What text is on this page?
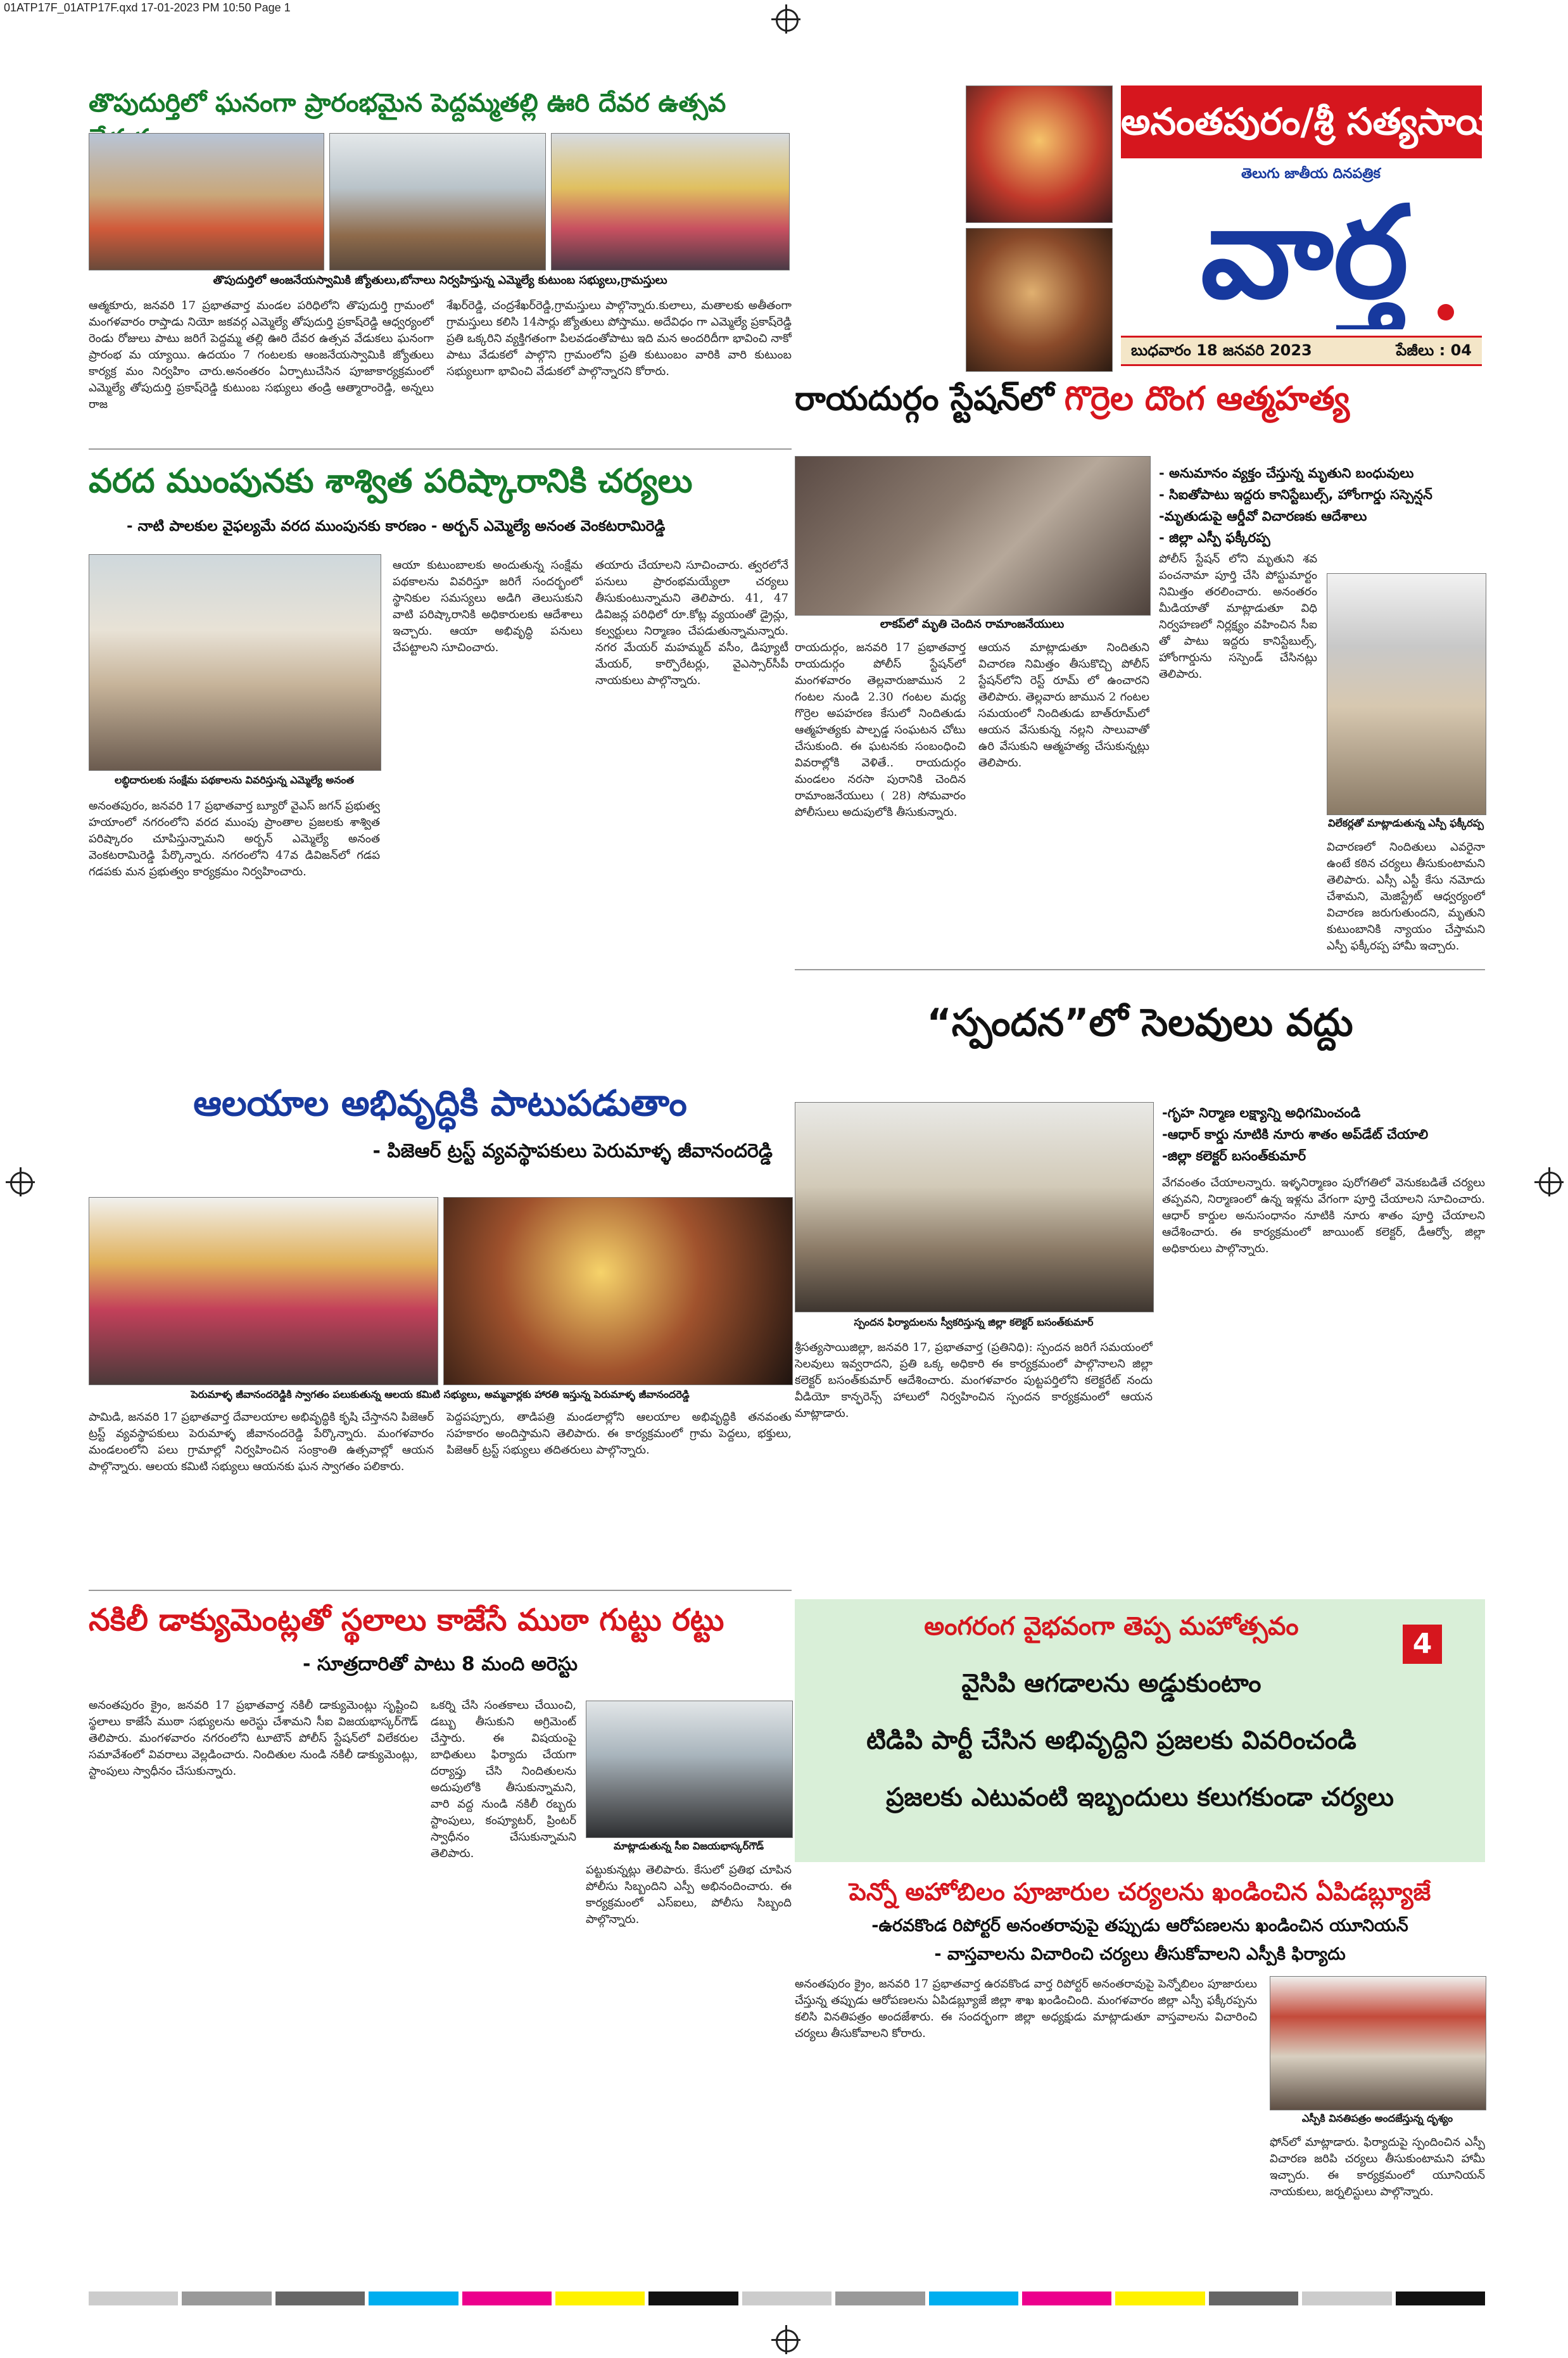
01ATP17F_01ATP17F.qxd 17-01-2023 PM 10:50 Page 1
తొపుదుర్తిలో ఘనంగా ప్రారంభమైన పెద్దమ్మతల్లి ఊరి దేవర ఉత్సవ
తొపుదుర్తిలో ఆంజనేయస్వామికి జ్యోతులు,బోనాలు నిర్వహిస్తున్న ఎమ్మెల్యే కుటుంబ సభ్యులు,గ్రామస్తులు
ఆత్మకూరు, జనవరి 17 ప్రభాతవార్త మండల పరిధిలోని తొపుదుర్తి గ్రామంలో మంగళవారం రాప్తాడు నియో జకవర్గ ఎమ్మెల్యే తోపుదుర్తి ప్రకాష్‌రెడ్డి ఆధ్వర్యంలో రెండు రోజులు పాటు జరిగే పెద్దమ్మ తల్లి ఊరి దేవర ఉత్సవ వేడుకలు ఘనంగా ప్రారంభ మ య్యాయి. ఉదయం 7 గంటలకు ఆంజనేయస్వామికి జ్యోతులు కార్యక్ర మం నిర్వహిం చారు.అనంతరం ఏర్పాటుచేసిన పూజాకార్యక్రమంలో ఎమ్మెల్యే తోపుదుర్తి ప్రకాష్‌రెడ్డి కుటుంబ సభ్యులు తండ్రి ఆత్మారాంరెడ్డి, అన్నలు రాజ
శేఖర్‌రెడ్డి, చంద్రశేఖర్‌రెడ్డి,గ్రామస్తులు పాల్గొన్నారు.కులాలు, మతాలకు అతీతంగా గ్రామస్తులు కలిసి 14సార్లు జ్యోతులు పోస్తాము. అదేవిధం గా ఎమ్మెల్యే ప్రకాష్‌రెడ్డి ప్రతి ఒక్కరిని వ్యక్తిగతంగా పిలవడంతోపాటు ఇది మన అందరిదీగా భావించి నాకో పాటు వేడుకలో పాల్గొని గ్రామంలోని ప్రతి కుటుంబం వారికి వారి కుటుంబ సభ్యులుగా భావించి వేడుకలో పాల్గొన్నారని కోరారు.
అనంతపురం/శ్రీ సత్యసాయి
తెలుగు జాతీయ దినపత్రిక
వార్త
బుధవారం 18 జనవరి 2023	పేజీలు : 04
రాయదుర్గం స్టేషన్‌లో గొర్రెల దొంగ ఆత్మహత్య
లాకప్‌లో మృతి చెందిన రామాంజనేయులు
- అనుమానం వ్యక్తం చేస్తున్న మృతుని బంధువులు
- సిఐతోపాటు ఇద్దరు కానిస్టేబుల్స్, హోంగార్డు సస్పెన్షన్
-మృతుడుపై ఆర్డీవో విచారణకు ఆదేశాలు
- జిల్లా ఎస్పీ ఫక్కీరప్ప
రాయదుర్గం, జనవరి 17 ప్రభాతవార్త రాయదుర్గం పోలీస్ స్టేషన్‌లో మంగళవారం తెల్లవారుజామున 2 గంటల నుండి 2.30 గంటల మధ్య గొర్రెల అపహరణ కేసులో నిందితుడు ఆత్మహత్యకు పాల్పడ్డ సంఘటన చోటు చేసుకుంది. ఈ ఘటనకు సంబంధించి వివరాల్లోకి వెళితే.. రాయదుర్గం మండలం నరసా పురానికి చెందిన రామాంజనేయులు ( 28) సోమవారం పోలీసులు అదుపులోకి తీసుకున్నారు.
ఆయన మాట్లాడుతూ నిందితుని విచారణ నిమిత్తం తీసుకొచ్చి పోలీస్ స్టేషన్‌లోని రెస్ట్ రూమ్ లో ఉంచారని తెలిపారు. తెల్లవారు జామున 2 గంటల సమయంలో నిందితుడు బాత్‌రూమ్‌లో ఆయన వేసుకున్న నల్లని సాలువాతో ఉరి వేసుకుని ఆత్మహత్య చేసుకున్నట్లు తెలిపారు.
పోలీస్ స్టేషన్ లోని మృతుని శవ పంచనామా పూర్తి చేసి పోస్టుమార్టం నిమిత్తం తరలించారు. అనంతరం మీడియాతో మాట్లాడుతూ విధి నిర్వహణలో నిర్లక్ష్యం వహించిన సీఐ తో పాటు ఇద్దరు కానిస్టేబుల్స్, హోంగార్డును సస్పెండ్ చేసినట్లు తెలిపారు.
విలేకర్లతో మాట్లాడుతున్న ఎస్పీ ఫక్కీరప్ప
విచారణలో నిందితులు ఎవరైనా ఉంటే కఠిన చర్యలు తీసుకుంటామని తెలిపారు. ఎస్సీ ఎస్టీ కేసు నమోదు చేశామని, మెజిస్ట్రేట్ ఆధ్వర్యంలో విచారణ జరుగుతుందని, మృతుని కుటుంబానికి న్యాయం చేస్తామని ఎస్పీ ఫక్కీరప్ప హామీ ఇచ్చారు.
వరద ముంపునకు శాశ్విత పరిష్కారానికి చర్యలు
- నాటి పాలకుల వైఫల్యమే వరద ముంపునకు కారణం - అర్బన్ ఎమ్మెల్యే అనంత వెంకటరామిరెడ్డి
లబ్ధిదారులకు సంక్షేమ పథకాలను వివరిస్తున్న ఎమ్మెల్యే అనంత
అనంతపురం, జనవరి 17 ప్రభాతవార్త బ్యూరో వైఎస్ జగన్ ప్రభుత్వ హయాంలో నగరంలోని వరద ముంపు ప్రాంతాల ప్రజలకు శాశ్విత పరిష్కారం చూపిస్తున్నామని అర్బన్ ఎమ్మెల్యే అనంత వెంకటరామిరెడ్డి పేర్కొన్నారు. నగరంలోని 47వ డివిజన్‌లో గడప గడపకు మన ప్రభుత్వం కార్యక్రమం నిర్వహించారు.
ఆయా కుటుంబాలకు అందుతున్న సంక్షేమ పథకాలను వివరిస్తూ జరిగే సందర్భంలో స్థానికుల సమస్యలు అడిగి తెలుసుకుని వాటి పరిష్కారానికి అధికారులకు ఆదేశాలు ఇచ్చారు. ఆయా అభివృద్ధి పనులు చేపట్టాలని సూచించారు.
తయారు చేయాలని సూచించారు. త్వరలోనే పనులు ప్రారంభమయ్యేలా చర్యలు తీసుకుంటున్నామని తెలిపారు. 41, 47 డివిజన్ల పరిధిలో రూ.కోట్ల వ్యయంతో డ్రైన్లు, కల్వర్టులు నిర్మాణం చేపడుతున్నామన్నారు. నగర మేయర్ మహమ్మద్ వసీం, డిప్యూటీ మేయర్, కార్పొరేటర్లు, వైఎస్సార్‌సీపీ నాయకులు పాల్గొన్నారు.
ఆలయాల అభివృద్ధికి పాటుపడుతాం
- పిజెఆర్ ట్రస్ట్ వ్యవస్థాపకులు పెరుమాళ్ళ జీవానందరెడ్డి
పెరుమాళ్ళ జీవానందరెడ్డికి స్వాగతం పలుకుతున్న ఆలయ కమిటి సభ్యులు, అమ్మవార్లకు హారతి ఇస్తున్న పెరుమాళ్ళ జీవానందరెడ్డి
పామిడి, జనవరి 17 ప్రభాతవార్త దేవాలయాల అభివృద్ధికి కృషి చేస్తానని పిజెఆర్ ట్రస్ట్ వ్యవస్థాపకులు పెరుమాళ్ళ జీవానందరెడ్డి పేర్కొన్నారు. మంగళవారం మండలంలోని పలు గ్రామాల్లో నిర్వహించిన సంక్రాంతి ఉత్సవాల్లో ఆయన పాల్గొన్నారు. ఆలయ కమిటి సభ్యులు ఆయనకు ఘన స్వాగతం పలికారు.
పెద్దపప్పూరు, తాడిపత్రి మండలాల్లోని ఆలయాల అభివృద్ధికి తనవంతు సహకారం అందిస్తామని తెలిపారు. ఈ కార్యక్రమంలో గ్రామ పెద్దలు, భక్తులు, పిజెఆర్ ట్రస్ట్ సభ్యులు తదితరులు పాల్గొన్నారు.
“స్పందన”లో సెలవులు వద్దు
-గృహ నిర్మాణ లక్ష్యాన్ని అధిగమించండి
-ఆధార్ కార్డు నూటికి నూరు శాతం అప్‌డేట్ చేయాలి
-జిల్లా కలెక్టర్ బసంత్‌కుమార్
స్పందన ఫిర్యాదులను స్వీకరిస్తున్న జిల్లా కలెక్టర్ బసంత్‌కుమార్
శ్రీసత్యసాయిజిల్లా, జనవరి 17, ప్రభాతవార్త (ప్రతినిధి): స్పందన జరిగే సమయంలో సెలవులు ఇవ్వరాదని, ప్రతి ఒక్క అధికారి ఈ కార్యక్రమంలో పాల్గొనాలని జిల్లా కలెక్టర్ బసంత్‌కుమార్ ఆదేశించారు. మంగళవారం పుట్టపర్తిలోని కలెక్టరేట్ నందు వీడియో కాన్ఫరెన్స్ హాలులో నిర్వహించిన స్పందన కార్యక్రమంలో ఆయన మాట్లాడారు.
వేగవంతం చేయాలన్నారు. ఇళ్ళనిర్మాణం పురోగతిలో వెనుకబడితే చర్యలు తప్పవని, నిర్మాణంలో ఉన్న ఇళ్లను వేగంగా పూర్తి చేయాలని సూచించారు. ఆధార్ కార్డుల అనుసంధానం నూటికి నూరు శాతం పూర్తి చేయాలని ఆదేశించారు. ఈ కార్యక్రమంలో జాయింట్ కలెక్టర్, డీఆర్వో, జిల్లా అధికారులు పాల్గొన్నారు.
నకిలీ డాక్యుమెంట్లతో స్థలాలు కాజేసే ముఠా గుట్టు రట్టు
- సూత్రదారితో పాటు 8 మంది అరెస్టు
అనంతపురం క్రైం, జనవరి 17 ప్రభాతవార్త నకిలీ డాక్యుమెంట్లు సృష్టించి స్థలాలు కాజేసే ముఠా సభ్యులను అరెస్టు చేశామని సీఐ విజయభాస్కర్‌గౌడ్ తెలిపారు. మంగళవారం నగరంలోని టూటౌన్ పోలీస్ స్టేషన్‌లో విలేకరుల సమావేశంలో వివరాలు వెల్లడించారు. నిందితుల నుండి నకిలీ డాక్యుమెంట్లు, స్టాంపులు స్వాధీనం చేసుకున్నారు.
మాట్లాడుతున్న సీఐ విజయభాస్కర్‌గౌడ్
ఒకర్ని చేసి సంతకాలు చేయించి, డబ్బు తీసుకుని అగ్రిమెంట్ చేస్తారు. ఈ విషయంపై బాధితులు ఫిర్యాదు చేయగా దర్యాప్తు చేసి నిందితులను అదుపులోకి తీసుకున్నామని, వారి వద్ద నుండి నకిలీ రబ్బరు స్టాంపులు, కంప్యూటర్, ప్రింటర్ స్వాధీనం చేసుకున్నామని తెలిపారు.
పట్టుకున్నట్లు తెలిపారు. కేసులో ప్రతిభ చూపిన పోలీసు సిబ్బందిని ఎస్పీ అభినందించారు. ఈ కార్యక్రమంలో ఎస్‌ఐలు, పోలీసు సిబ్బంది పాల్గొన్నారు.
అంగరంగ వైభవంగా తెప్ప మహోత్సవం
వైసిపి ఆగడాలను అడ్డుకుంటాం
టిడిపి పార్టీ చేసిన అభివృద్దిని ప్రజలకు వివరించండి
ప్రజలకు ఎటువంటి ఇబ్బందులు కలుగకుండా చర్యలు
4
పెన్నో అహోబిలం పూజారుల చర్యలను ఖండించిన ఏపిడబ్ల్యూజే
-ఉరవకొండ రిపోర్టర్ అనంతరావుపై తప్పుడు ఆరోపణలను ఖండించిన యూనియన్
- వాస్తవాలను విచారించి చర్యలు తీసుకోవాలని ఎస్పీకి ఫిర్యాదు
అనంతపురం క్రైం, జనవరి 17 ప్రభాతవార్త ఉరవకొండ వార్త రిపోర్టర్ అనంతరావుపై పెన్నోబిలం పూజారులు చేస్తున్న తప్పుడు ఆరోపణలను ఏపిడబ్ల్యూజే జిల్లా శాఖ ఖండించింది. మంగళవారం జిల్లా ఎస్పీ ఫక్కీరప్పను కలిసి వినతిపత్రం అందజేశారు. ఈ సందర్భంగా జిల్లా అధ్యక్షుడు మాట్లాడుతూ వాస్తవాలను విచారించి చర్యలు తీసుకోవాలని కోరారు.
ఎస్పీకి వినతిపత్రం అందజేస్తున్న దృశ్యం
ఫోన్‌లో మాట్లాడారు. ఫిర్యాదుపై స్పందించిన ఎస్పీ విచారణ జరిపి చర్యలు తీసుకుంటామని హామీ ఇచ్చారు. ఈ కార్యక్రమంలో యూనియన్ నాయకులు, జర్నలిస్టులు పాల్గొన్నారు.
